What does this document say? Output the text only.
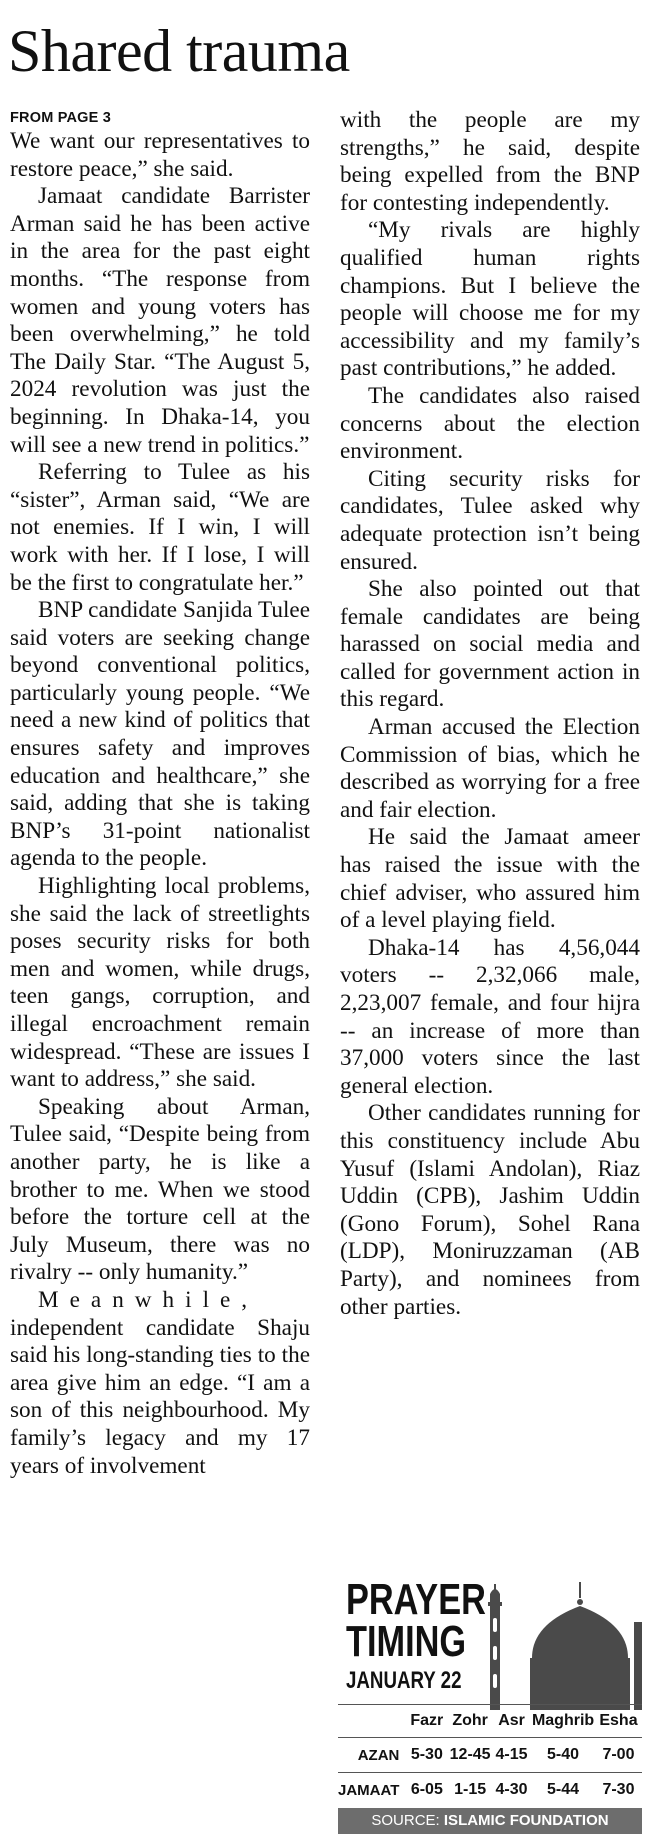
Shared trauma
FROM PAGE 3

We want our representatives to restore peace,” she said.

Jamaat candidate Barrister Arman said he has been active in the area for the past eight months. “The response from women and young voters has been overwhelming,” he told The Daily Star. “The August 5, 2024 revolution was just the beginning. In Dhaka-14, you will see a new trend in politics.”

Referring to Tulee as his “sister”, Arman said, “We are not enemies. If I win, I will work with her. If I lose, I will be the first to congratulate her.”

BNP candidate Sanjida Tulee said voters are seeking change beyond conventional politics, particularly young people. “We need a new kind of politics that ensures safety and improves education and healthcare,” she said, adding that she is taking BNP’s 31-point nationalist agenda to the people.

Highlighting local problems, she said the lack of streetlights poses security risks for both men and women, while drugs, teen gangs, corruption, and illegal encroachment remain widespread. “These are issues I want to address,” she said.

Speaking about Arman, Tulee said, “Despite being from another party, he is like a brother to me. When we stood before the torture cell at the July Museum, there was no rivalry -- only humanity.”

Meanwhile, independent candidate Shaju said his long-standing ties to the area give him an edge. “I am a son of this neighbourhood. My family’s legacy and my 17 years of involvement

with the people are my strengths,” he said, despite being expelled from the BNP for contesting independently.

“My rivals are highly qualified human rights champions. But I believe the people will choose me for my accessibility and my family’s past contributions,” he added.

The candidates also raised concerns about the election environment.

Citing security risks for candidates, Tulee asked why adequate protection isn’t being ensured.

She also pointed out that female candidates are being harassed on social media and called for government action in this regard.

Arman accused the Election Commission of bias, which he described as worrying for a free and fair election.

He said the Jamaat ameer has raised the issue with the chief adviser, who assured him of a level playing field.

Dhaka-14 has 4,56,044 voters -- 2,32,066 male, 2,23,007 female, and four hijra -- an increase of more than 37,000 voters since the last general election.

Other candidates running for this constituency include Abu Yusuf (Islami Andolan), Riaz Uddin (CPB), Jashim Uddin (Gono Forum), Sohel Rana (LDP), Moniruzzaman (AB Party), and nominees from other parties.

PRAYER
TIMING
JANUARY 22
	Fazr	Zohr	Asr	Maghrib	Esha
AZAN	5-30	12-45	4-15	5-40	7-00
JAMAAT	6-05	1-15	4-30	5-44	7-30
SOURCE: ISLAMIC FOUNDATION
